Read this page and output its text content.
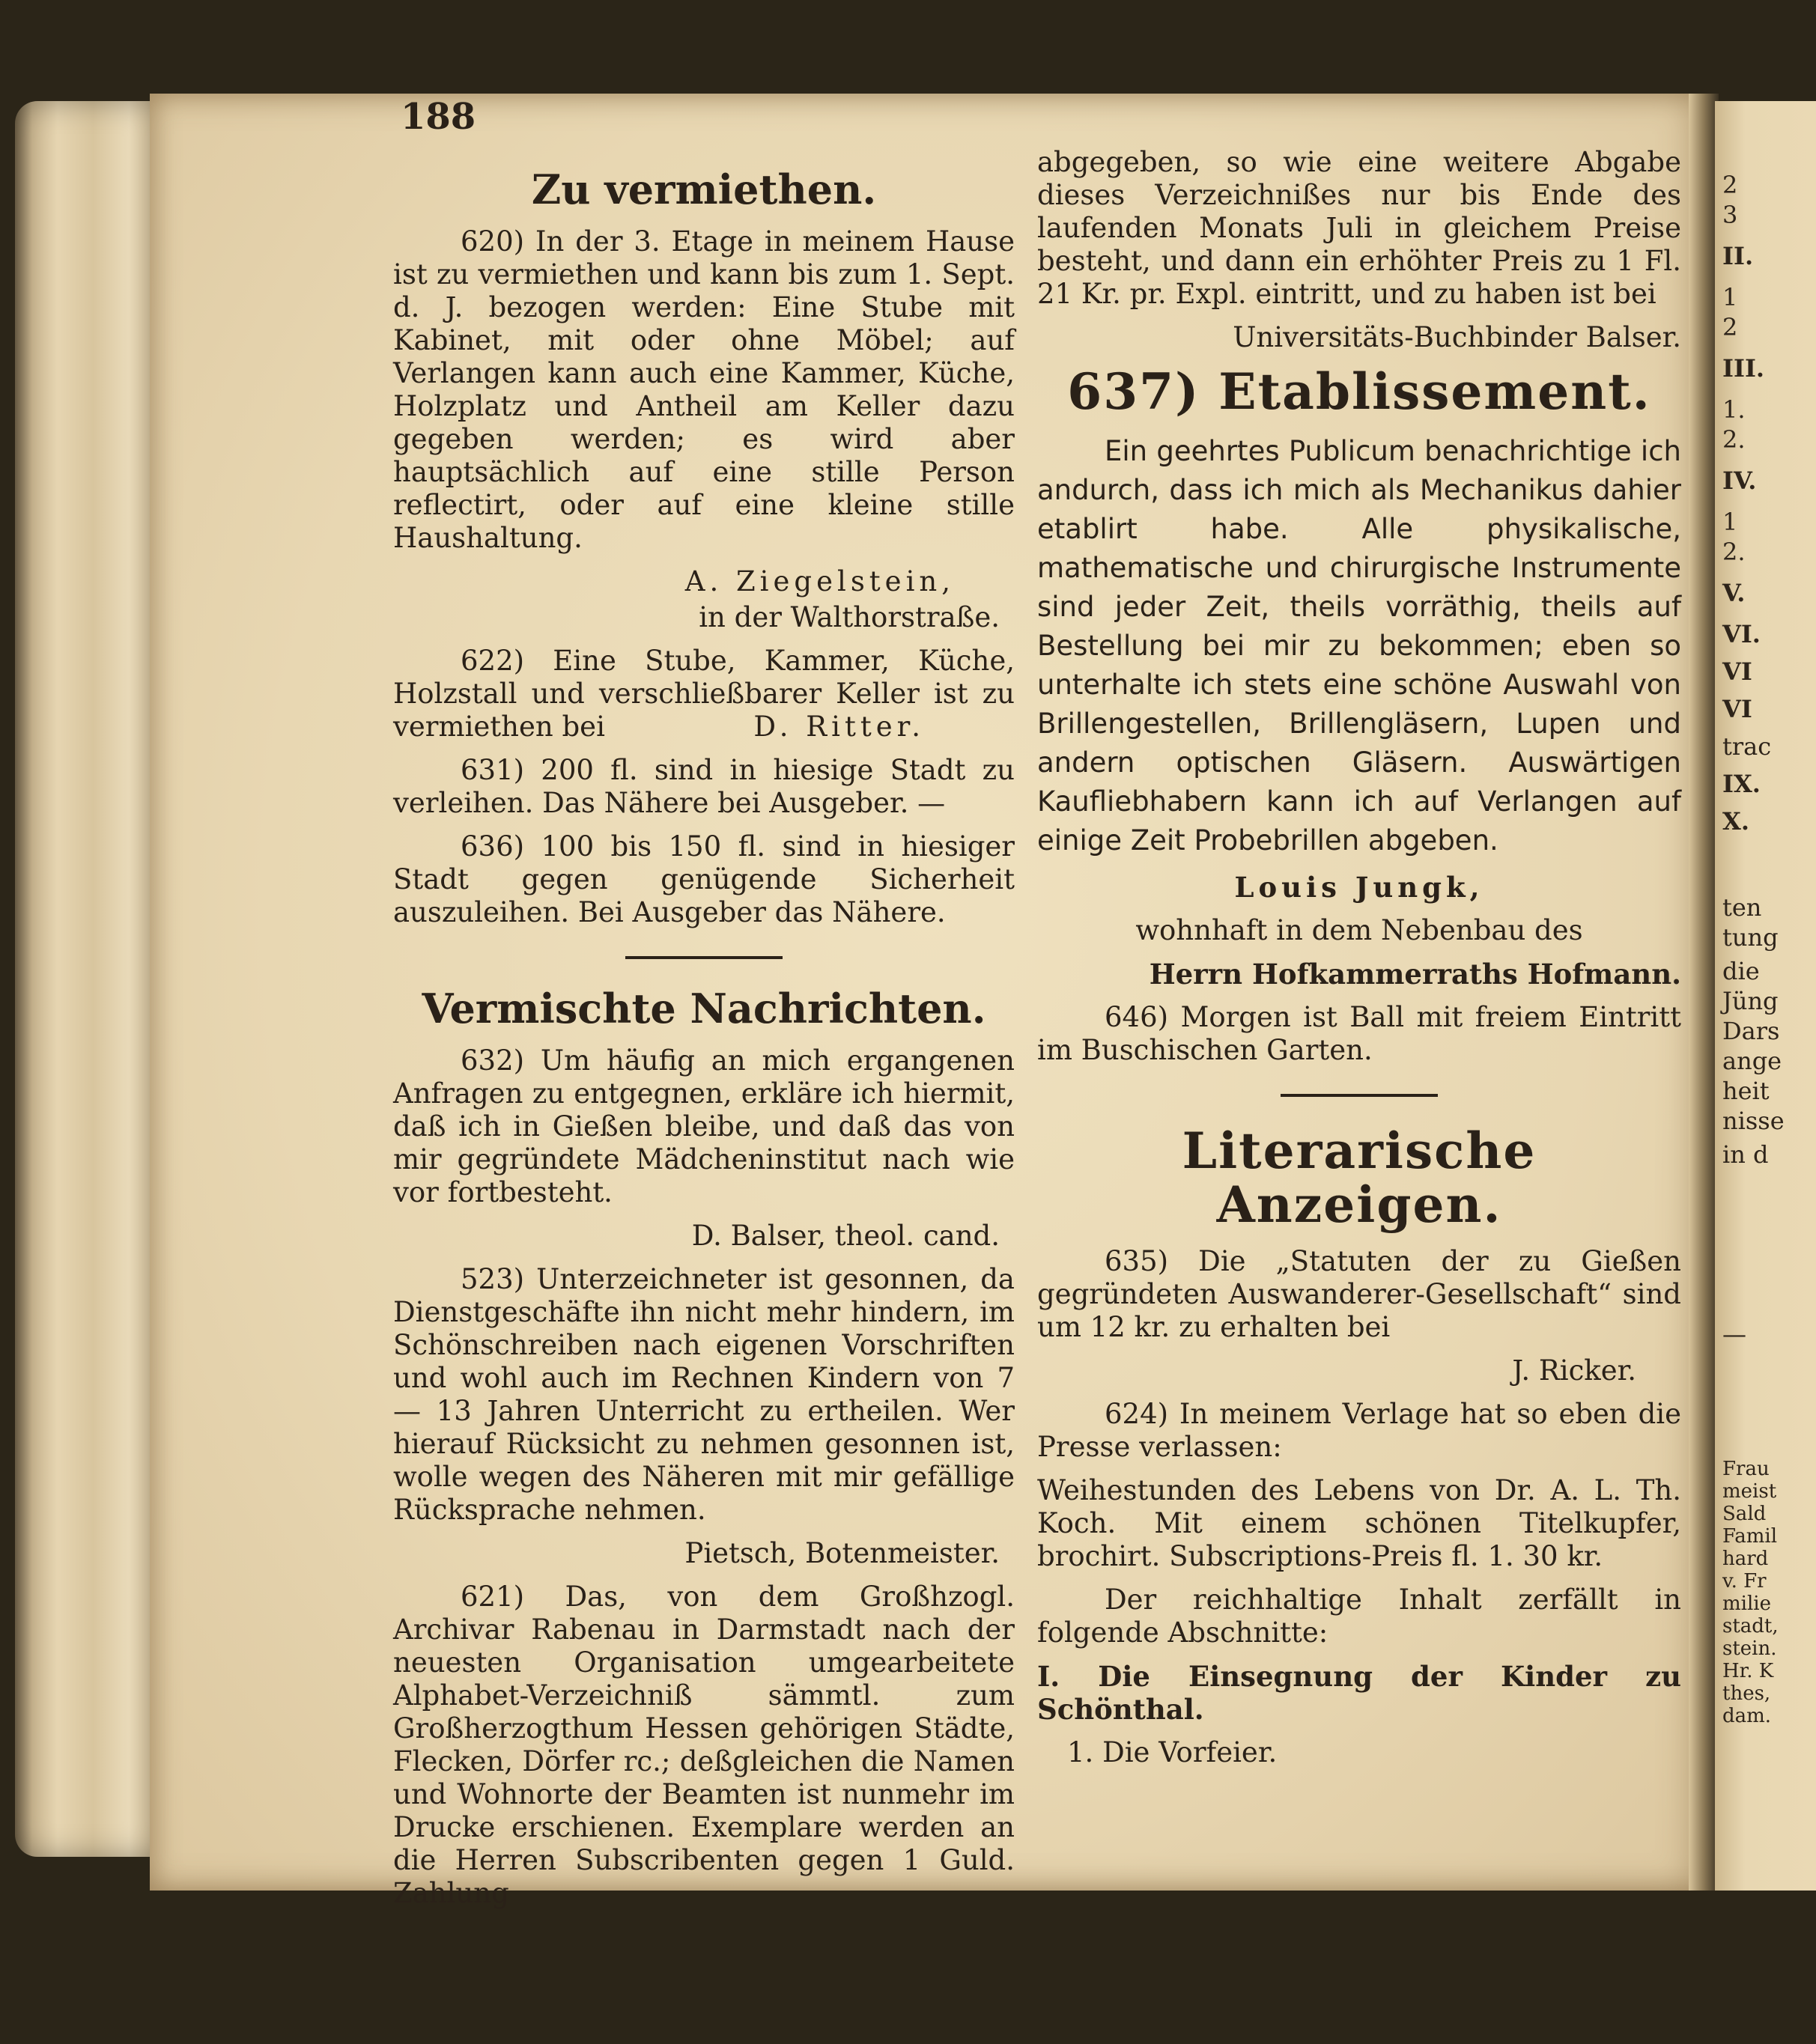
2
3
II.
1
2
III.
1.
2.
IV.
1
2.
V.
VI.
VI
VI
trac
IX.
X.
ten
tung
die
Jüng
Dars
ange
heit
nisse
in d
—
Frau
meist
Sald
Famil
hard
v. Fr
milie
stadt,
stein.
Hr. K
thes,
dam.
188
Zu vermiethen.

620) In der 3. Etage in meinem Hause ist zu vermiethen und kann bis zum 1. Sept. d. J. bezogen werden: Eine Stube mit Kabinet, mit oder ohne Möbel; auf Verlangen kann auch eine Kammer, Küche, Holzplatz und Antheil am Keller dazu gegeben werden; es wird aber hauptsächlich auf eine stille Person reflectirt, oder auf eine kleine stille Haushaltung.

A. Ziegelstein,
in der Walthorstraße.

622) Eine Stube, Kammer, Küche, Holzstall und verschließbarer Keller ist zu vermiethen bei	D. Ritter.

631) 200 fl. sind in hiesige Stadt zu verleihen. Das Nähere bei Ausgeber. —

636) 100 bis 150 fl. sind in hiesiger Stadt gegen genügende Sicherheit auszuleihen. Bei Ausgeber das Nähere.

Vermischte Nachrichten.

632) Um häufig an mich ergangenen Anfragen zu entgegnen, erkläre ich hiermit, daß ich in Gießen bleibe, und daß das von mir gegründete Mädcheninstitut nach wie vor fortbesteht.

D. Balser, theol. cand.

523) Unterzeichneter ist gesonnen, da Dienstgeschäfte ihn nicht mehr hindern, im Schönschreiben nach eigenen Vorschriften und wohl auch im Rechnen Kindern von 7 — 13 Jahren Unterricht zu ertheilen. Wer hierauf Rücksicht zu nehmen gesonnen ist, wolle wegen des Näheren mit mir gefällige Rücksprache nehmen.

Pietsch, Botenmeister.

621) Das, von dem Großhzogl. Archivar Rabenau in Darmstadt nach der neuesten Organisation umgearbeitete Alphabet-Verzeichniß sämmtl. zum Großherzogthum Hessen gehörigen Städte, Flecken, Dörfer rc.; deßgleichen die Namen und Wohnorte der Beamten ist nunmehr im Drucke erschienen. Exemplare werden an die Herren Subscribenten gegen 1 Guld. Zahlung

abgegeben, so wie eine weitere Abgabe dieses Verzeichnißes nur bis Ende des laufenden Monats Juli in gleichem Preise besteht, und dann ein erhöhter Preis zu 1 Fl. 21 Kr. pr. Expl. eintritt, und zu haben ist bei

Universitäts-Buchbinder Balser.
637) Etablissement.

Ein geehrtes Publicum benachrichtige ich andurch, dass ich mich als Mechanikus dahier etablirt habe. Alle physikalische, mathematische und chirurgische Instrumente sind jeder Zeit, theils vorräthig, theils auf Bestellung bei mir zu bekommen; eben so unterhalte ich stets eine schöne Auswahl von Brillengestellen, Brillengläsern, Lupen und andern optischen Gläsern. Auswärtigen Kaufliebhabern kann ich auf Verlangen auf einige Zeit Probebrillen abgeben.

Louis Jungk,
wohnhaft in dem Nebenbau des
Herrn Hofkammerraths Hofmann.

646) Morgen ist Ball mit freiem Eintritt im Buschischen Garten.

Literarische Anzeigen.

635) Die „Statuten der zu Gießen gegründeten Auswanderer-Gesellschaft“ sind um 12 kr. zu erhalten bei

J. Ricker.

624) In meinem Verlage hat so eben die Presse verlassen:

Weihestunden des Lebens von Dr. A. L. Th. Koch. Mit einem schönen Titelkupfer, brochirt. Subscriptions-Preis fl. 1. 30 kr.

Der reichhaltige Inhalt zerfällt in folgende Abschnitte:

I. Die Einsegnung der Kinder zu Schönthal.

1. Die Vorfeier.
